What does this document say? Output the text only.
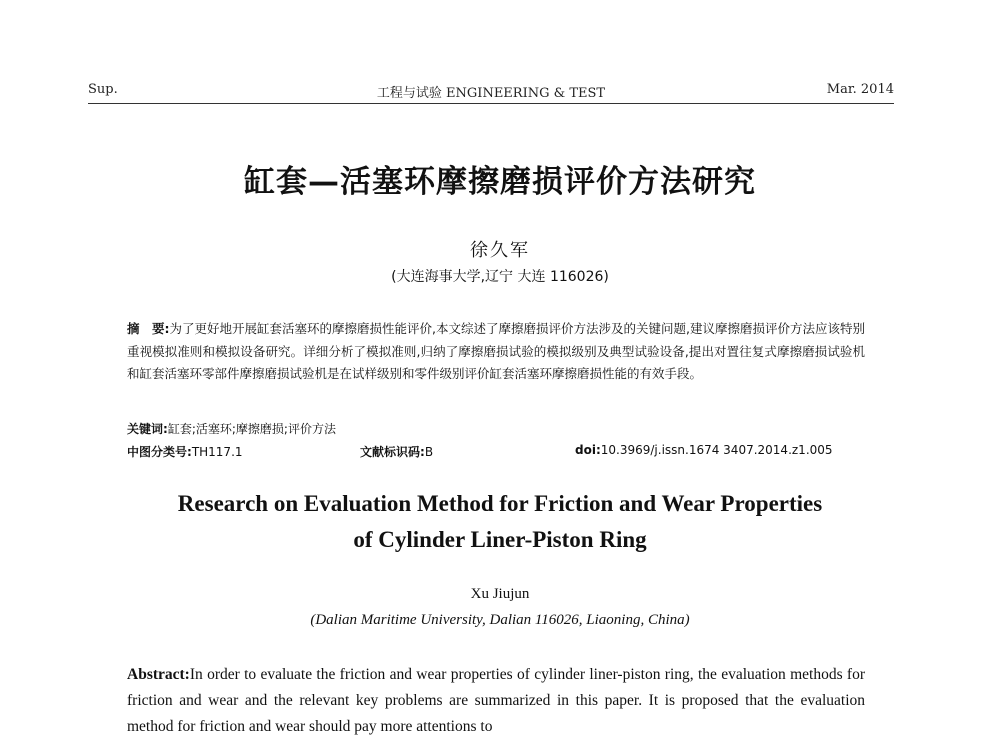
Sup.	工程与试验 ENGINEERING & TEST	Mar. 2014
缸套—活塞环摩擦磨损评价方法研究
徐久军
(大连海事大学,辽宁 大连 116026)
摘　要:为了更好地开展缸套活塞环的摩擦磨损性能评价,本文综述了摩擦磨损评价方法涉及的关键问题,建议摩擦磨损评价方法应该特别重视模拟准则和模拟设备研究。详细分析了模拟准则,归纳了摩擦磨损试验的模拟级别及典型试验设备,提出对置往复式摩擦磨损试验机和缸套活塞环零部件摩擦磨损试验机是在试样级别和零件级别评价缸套活塞环摩擦磨损性能的有效手段。
关键词:缸套;活塞环;摩擦磨损;评价方法
中图分类号:TH117.1	文献标识码:B	doi:10.3969/j.issn.1674 3407.2014.z1.005
Research on Evaluation Method for Friction and Wear Properties
of Cylinder Liner-Piston Ring
Xu Jiujun
(Dalian Maritime University, Dalian 116026, Liaoning, China)
Abstract:In order to evaluate the friction and wear properties of cylinder liner-piston ring, the evaluation methods for friction and wear and the relevant key problems are summarized in this paper. It is proposed that the evaluation method for friction and wear should pay more attentions to
